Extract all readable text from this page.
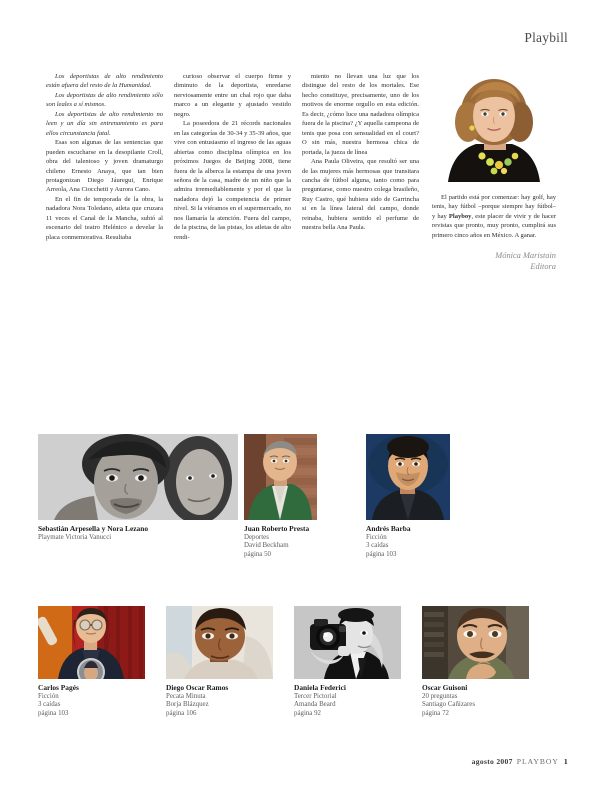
Playbill

Los deportistas de alto rendimiento están afuera del resto de la Humanidad.

Los deportistas de alto rendimiento sólo son leales a sí mismos.

Los deportistas de alto rendimiento no leen y un día sin entrenamiento es para ellos circunstancia fatal.

Esas son algunas de las sentencias que pueden escucharse en la desopilante Croll, obra del talentoso y joven dramaturgo chileno Ernesto Anaya, que tan bien protagonizan Diego Jáuregui, Enrique Arreola, Ana Ciocchetti y Aurora Cano.

En el fin de temporada de la obra, la nadadora Nora Toledano, atleta que cruzara 11 veces el Canal de la Mancha, subió al escenario del teatro Helénico a develar la placa conmemorativa. Resultaba

curioso observar el cuerpo firme y diminuto de la deportista, enredarse nerviosamente entre un chal rojo que daba marco a un elegante y ajustado vestido negro.

La poseedora de 21 récords nacionales en las categorías de 30-34 y 35-39 años, que vive con entusiasmo el ingreso de las aguas abiertas como disciplina olímpica en los próximos Juegos de Beijing 2008, tiene fuera de la alberca la estampa de una joven señora de la casa, madre de un niño que la admira irremediablemente y por el que la nadadora dejó la competencia de primer nivel. Si la viéramos en el supermercado, no nos llamaría la atención. Fuera del campo, de la piscina, de las pistas, los atletas de alto rendi-

miento no llevan una luz que los distingue del resto de los mortales. Ese hecho constituye, precisamente, uno de los motivos de enorme orgullo en esta edición. Es decir, ¿cómo luce una nadadora olímpica fuera de la piscina? ¿Y aquella campeona de tenis que posa con sensualidad en el court? O sin más, nuestra hermosa chica de portada, la jueza de línea

Ana Paula Oliveira, que resultó ser una de las mujeres más hermosas que transitara cancha de fútbol alguna, tanto como para preguntarse, como nuestro colega brasileño, Ruy Castro, qué hubiera sido de Garrincha si en la línea lateral del campo, donde reinaba, hubiera sentido el perfume de nuestra bella Ana Paula.

El partido está por comenzar: hay golf, hay tenis, hay fútbol –porque siempre hay fútbol– y hay Playboy, este placer de vivir y de hacer revistas que pronto, muy pronto, cumplirá sus primero cinco años en México. A ganar.

Mónica Maristain
Editora
Sebastián Arpesella y Nora Lezano
Playmate Victoria Vanucci
Juan Roberto Presta
Deportes
David Beckham
página 50
Andrés Barba
Ficción
3 caídas
página 103
Carlos Pagés
Ficción
3 caídas
página 103
Diego Oscar Ramos
Pecata Minuta
Borja Blázquez
página 106
Daniela Federici
Tercer Pictorial
Amanda Beard
página 92
Oscar Guisoni
20 preguntas
Santiago Cañizares
página 72
agosto 2007 PLAYBOY 1
